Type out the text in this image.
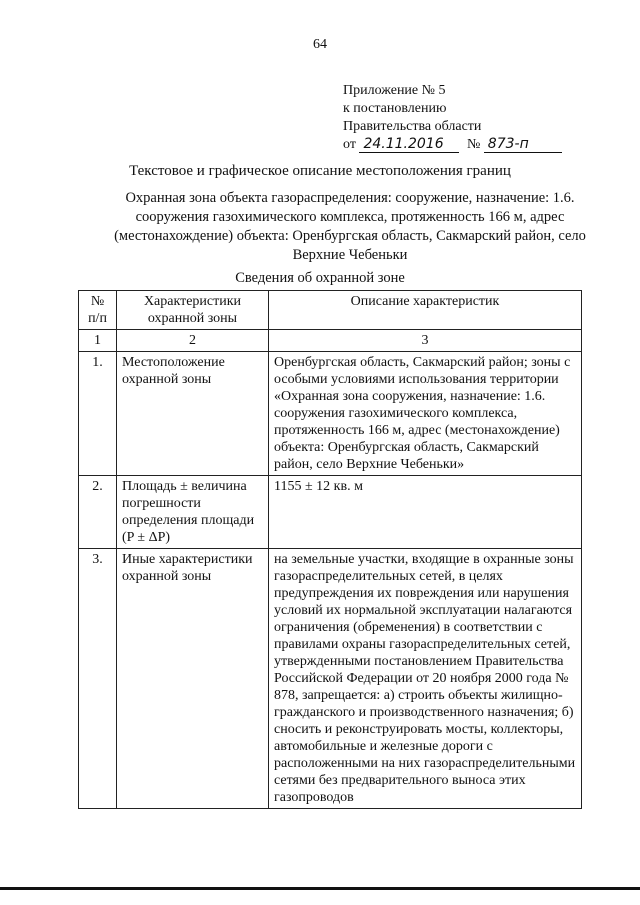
64
Приложение № 5
к постановлению
Правительства области
от 24.11.2016 № 873-п
Текстовое и графическое описание местоположения границ
Охранная зона объекта газораспределения: сооружение, назначение: 1.6. сооружения газохимического комплекса, протяженность 166 м, адрес (местонахождение) объекта: Оренбургская область, Сакмарский район, село Верхние Чебеньки
Сведения об охранной зоне
№ п/п	Характеристики охранной зоны	Описание характеристик
1	2	3
1.	Местоположение охранной зоны	Оренбургская область, Сакмарский район; зоны с особыми условиями использования территории «Охранная зона сооружения, назначение: 1.6. сооружения газохимического комплекса, протяженность 166 м, адрес (местонахождение) объекта: Оренбургская область, Сакмарский район, село Верхние Чебеньки»
2.	Площадь ± величина погрешности определения площади (P ± ΔP)	1155 ± 12 кв. м
3.	Иные характеристики охранной зоны	на земельные участки, входящие в охранные зоны газораспределительных сетей, в целях предупреждения их повреждения или нарушения условий их нормальной эксплуатации налагаются ограничения (обременения) в соответствии с правилами охраны газораспределительных сетей, утвержденными постановлением Правительства Российской Федерации от 20 ноября 2000 года № 878, запрещается: а) строить объекты жилищно-гражданского и производственного назначения; б) сносить и реконструировать мосты, коллекторы, автомобильные и железные дороги с расположенными на них газораспределительными сетями без предварительного выноса этих газопроводов
